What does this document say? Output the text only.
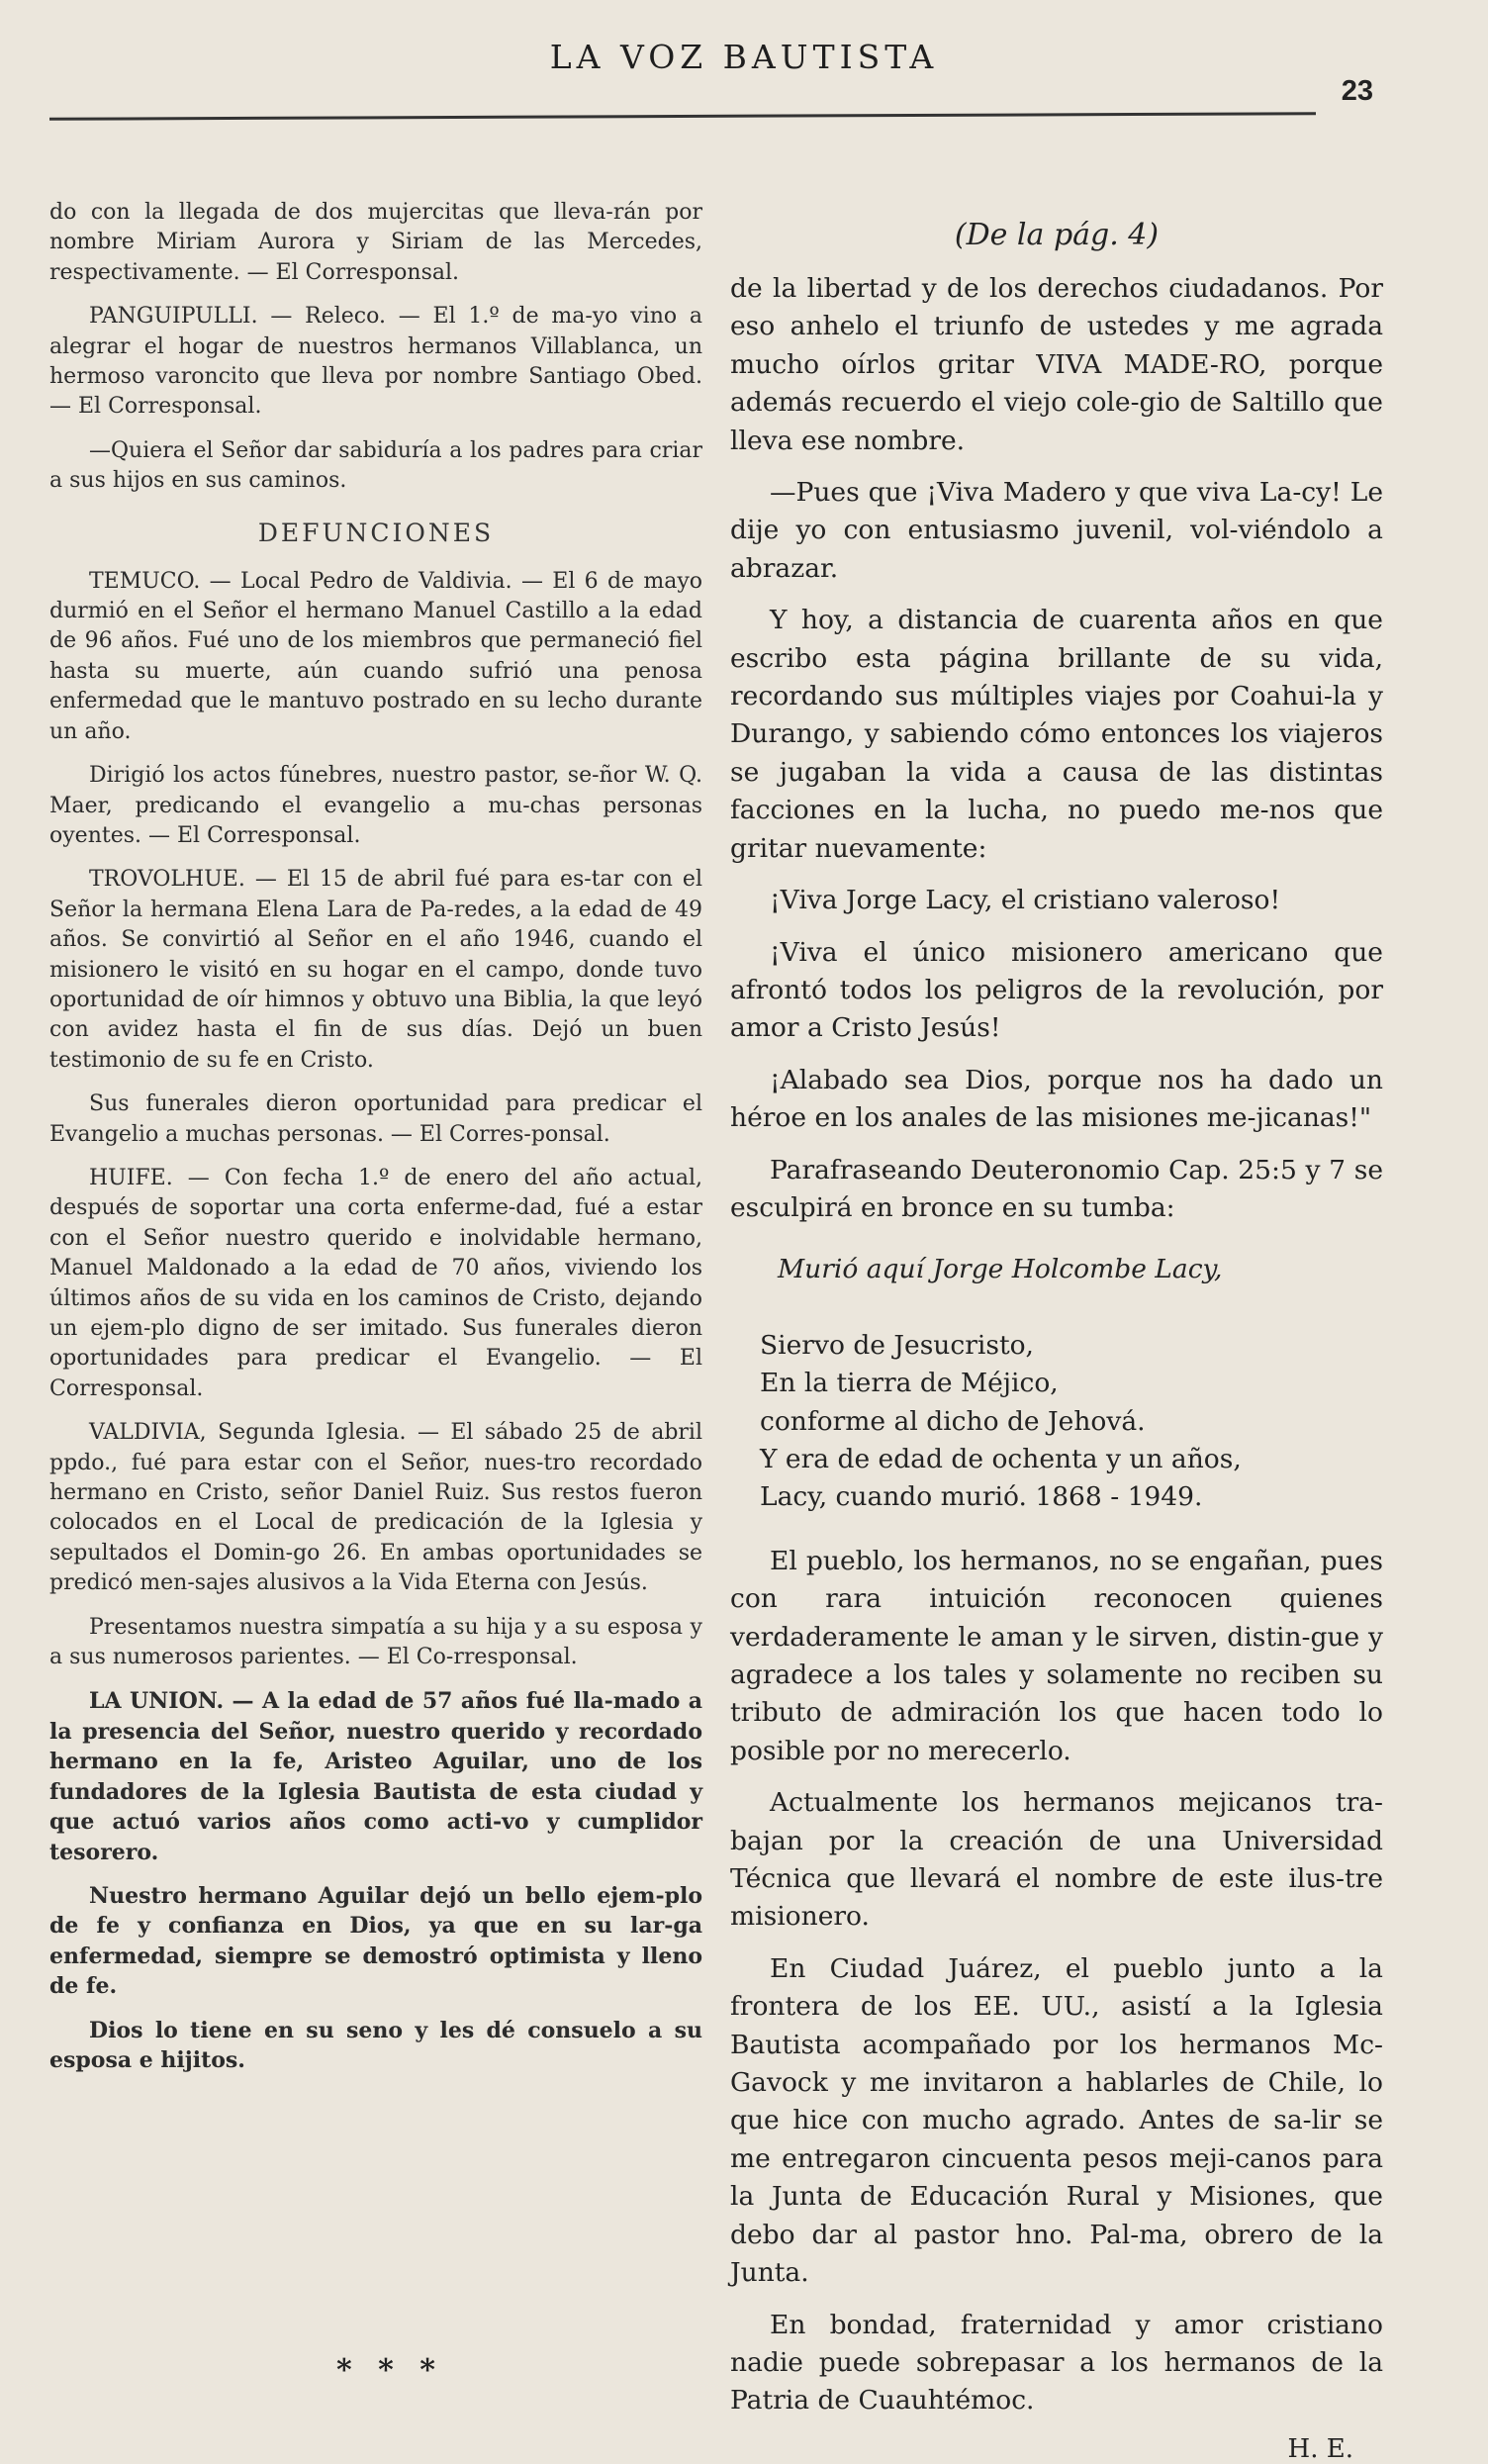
LA VOZ BAUTISTA
23

do con la llegada de dos mujercitas que lleva-rán por nombre Miriam Aurora y Siriam de las Mercedes, respectivamente. — El Corresponsal.

PANGUIPULLI. — Releco. — El 1.º de ma-yo vino a alegrar el hogar de nuestros hermanos Villablanca, un hermoso varoncito que lleva por nombre Santiago Obed. — El Corresponsal.

—Quiera el Señor dar sabiduría a los padres para criar a sus hijos en sus caminos.

DEFUNCIONES

TEMUCO. — Local Pedro de Valdivia. — El 6 de mayo durmió en el Señor el hermano Manuel Castillo a la edad de 96 años. Fué uno de los miembros que permaneció fiel hasta su muerte, aún cuando sufrió una penosa enfermedad que le mantuvo postrado en su lecho durante un año.

Dirigió los actos fúnebres, nuestro pastor, se-ñor W. Q. Maer, predicando el evangelio a mu-chas personas oyentes. — El Corresponsal.

TROVOLHUE. — El 15 de abril fué para es-tar con el Señor la hermana Elena Lara de Pa-redes, a la edad de 49 años. Se convirtió al Señor en el año 1946, cuando el misionero le visitó en su hogar en el campo, donde tuvo oportunidad de oír himnos y obtuvo una Biblia, la que leyó con avidez hasta el fin de sus días. Dejó un buen testimonio de su fe en Cristo.

Sus funerales dieron oportunidad para predicar el Evangelio a muchas personas. — El Corres-ponsal.

HUIFE. — Con fecha 1.º de enero del año actual, después de soportar una corta enferme-dad, fué a estar con el Señor nuestro querido e inolvidable hermano, Manuel Maldonado a la edad de 70 años, viviendo los últimos años de su vida en los caminos de Cristo, dejando un ejem-plo digno de ser imitado. Sus funerales dieron oportunidades para predicar el Evangelio. — El Corresponsal.

VALDIVIA, Segunda Iglesia. — El sábado 25 de abril ppdo., fué para estar con el Señor, nues-tro recordado hermano en Cristo, señor Daniel Ruiz. Sus restos fueron colocados en el Local de predicación de la Iglesia y sepultados el Domin-go 26. En ambas oportunidades se predicó men-sajes alusivos a la Vida Eterna con Jesús.

Presentamos nuestra simpatía a su hija y a su esposa y a sus numerosos parientes. — El Co-rresponsal.

LA UNION. — A la edad de 57 años fué lla-mado a la presencia del Señor, nuestro querido y recordado hermano en la fe, Aristeo Aguilar, uno de los fundadores de la Iglesia Bautista de esta ciudad y que actuó varios años como acti-vo y cumplidor tesorero.

Nuestro hermano Aguilar dejó un bello ejem-plo de fe y confianza en Dios, ya que en su lar-ga enfermedad, siempre se demostró optimista y lleno de fe.

Dios lo tiene en su seno y les dé consuelo a su esposa e hijitos.

(De la pág. 4)

de la libertad y de los derechos ciudadanos. Por eso anhelo el triunfo de ustedes y me agrada mucho oírlos gritar VIVA MADE-RO, porque además recuerdo el viejo cole-gio de Saltillo que lleva ese nombre.

—Pues que ¡Viva Madero y que viva La-cy! Le dije yo con entusiasmo juvenil, vol-viéndolo a abrazar.

Y hoy, a distancia de cuarenta años en que escribo esta página brillante de su vida, recordando sus múltiples viajes por Coahui-la y Durango, y sabiendo cómo entonces los viajeros se jugaban la vida a causa de las distintas facciones en la lucha, no puedo me-nos que gritar nuevamente:

¡Viva Jorge Lacy, el cristiano valeroso!

¡Viva el único misionero americano que afrontó todos los peligros de la revolución, por amor a Cristo Jesús!

¡Alabado sea Dios, porque nos ha dado un héroe en los anales de las misiones me-jicanas!"

Parafraseando Deuteronomio Cap. 25:5 y 7 se esculpirá en bronce en su tumba:

Murió aquí Jorge Holcombe Lacy,
Siervo de Jesucristo,
En la tierra de Méjico,
conforme al dicho de Jehová.
Y era de edad de ochenta y un años,
Lacy, cuando murió. 1868 - 1949.

El pueblo, los hermanos, no se engañan, pues con rara intuición reconocen quienes verdaderamente le aman y le sirven, distin-gue y agradece a los tales y solamente no reciben su tributo de admiración los que hacen todo lo posible por no merecerlo.

Actualmente los hermanos mejicanos tra-bajan por la creación de una Universidad Técnica que llevará el nombre de este ilus-tre misionero.

En Ciudad Juárez, el pueblo junto a la frontera de los EE. UU., asistí a la Iglesia Bautista acompañado por los hermanos Mc-Gavock y me invitaron a hablarles de Chile, lo que hice con mucho agrado. Antes de sa-lir se me entregaron cincuenta pesos meji-canos para la Junta de Educación Rural y Misiones, que debo dar al pastor hno. Pal-ma, obrero de la Junta.

En bondad, fraternidad y amor cristiano nadie puede sobrepasar a los hermanos de la Patria de Cuauhtémoc.

H. E.
* * *
